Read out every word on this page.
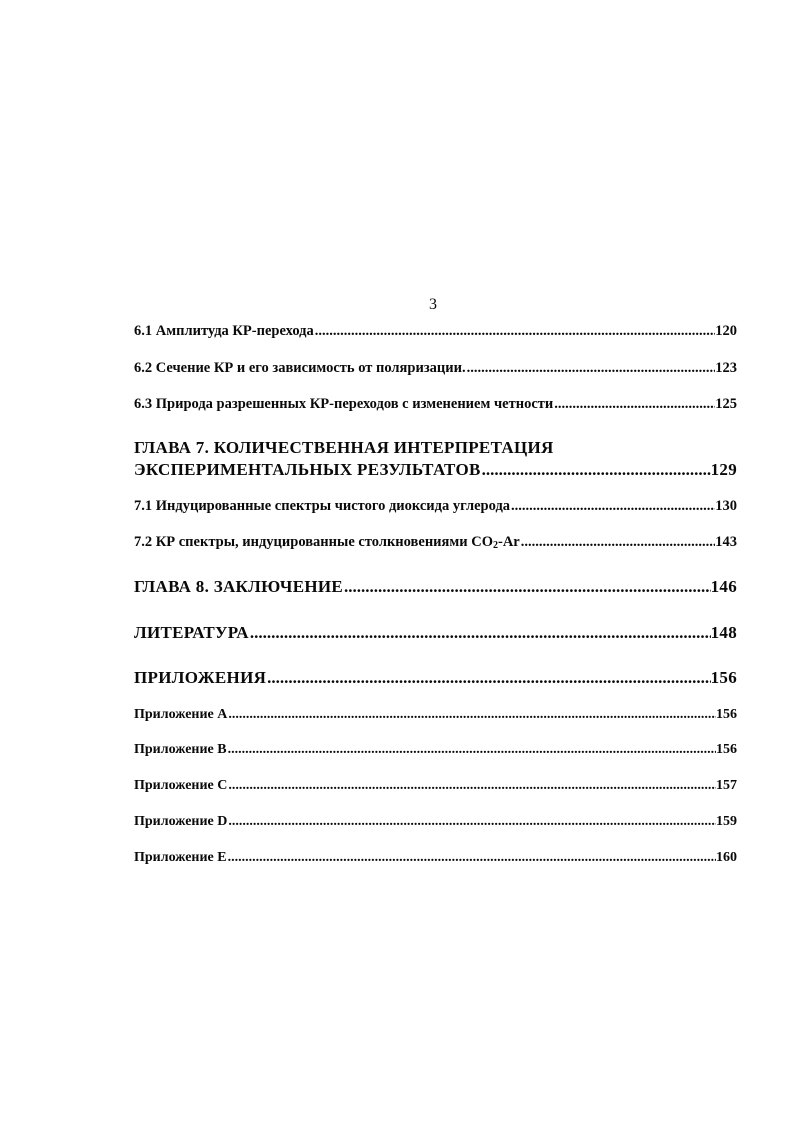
3
6.1 Амплитуда КР-перехода .....	120
6.2 Сечение КР и его зависимость от поляризации. .....	123
6.3 Природа разрешенных КР-переходов с изменением четности .....	125
ГЛАВА 7. КОЛИЧЕСТВЕННАЯ ИНТЕРПРЕТАЦИЯ
ЭКСПЕРИМЕНТАЛЬНЫХ РЕЗУЛЬТАТОВ .....	129
7.1 Индуцированные спектры чистого диоксида углерода .....	130
7.2 КР спектры, индуцированные столкновениями $CO_2-Ar$ .....	143
ГЛАВА 8. ЗАКЛЮЧЕНИЕ .....	146
ЛИТЕРАТУРА .....	148
ПРИЛОЖЕНИЯ .....	156
Приложение А .....	156
Приложение В .....	156
Приложение С .....	157
Приложение D .....	159
Приложение Е .....	160
